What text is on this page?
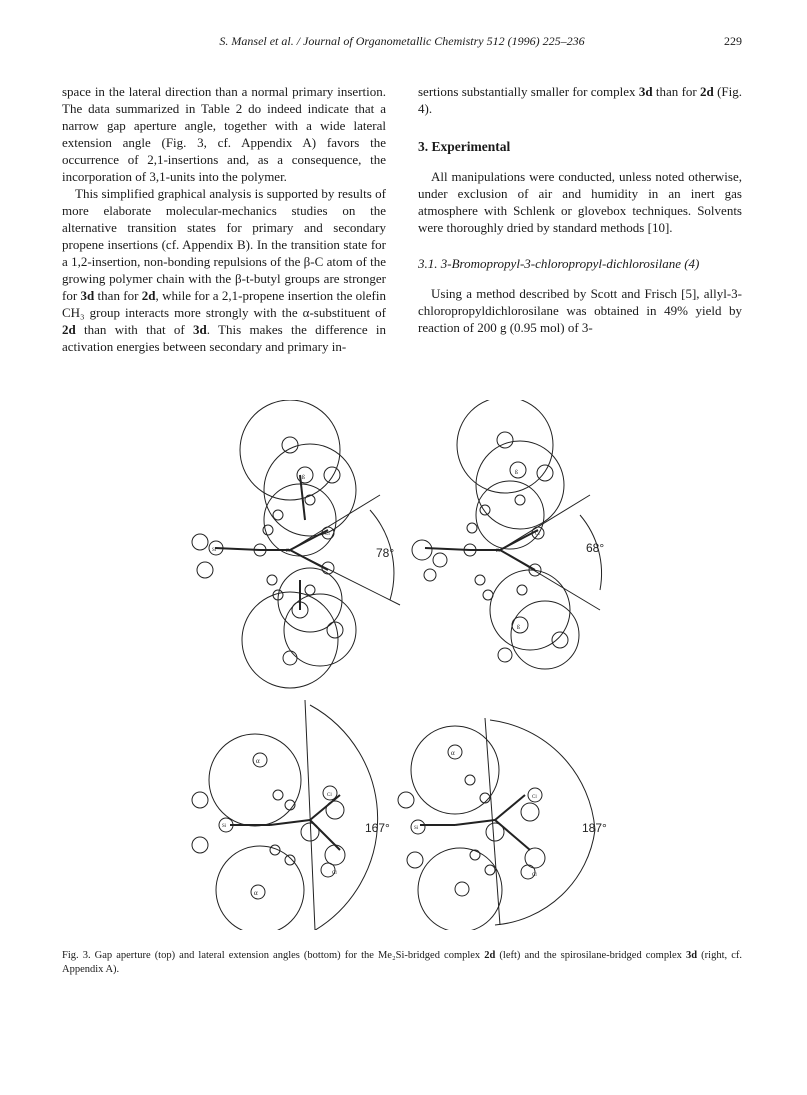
S. Mansel et al. / Journal of Organometallic Chemistry 512 (1996) 225–236	229

space in the lateral direction than a normal primary insertion. The data summarized in Table 2 do indeed indicate that a narrow gap aperture angle, together with a wide lateral extension angle (Fig. 3, cf. Appendix A) favors the occurrence of 2,1-insertions and, as a consequence, the incorporation of 3,1-units into the polymer.

This simplified graphical analysis is supported by results of more elaborate molecular-mechanics studies on the alternative transition states for primary and secondary propene insertions (cf. Appendix B). In the transition state for a 1,2-insertion, non-bonding repulsions of the β-C atom of the growing polymer chain with the β-t-butyl groups are stronger for 3d than for 2d, while for a 2,1-propene insertion the olefin CH₃ group interacts more strongly with the α-substituent of 2d than with that of 3d. This makes the difference in activation energies between secondary and primary in-

sertions substantially smaller for complex 3d than for 2d (Fig. 4).

3. Experimental

All manipulations were conducted, unless noted otherwise, under exclusion of air and humidity in an inert gas atmosphere with Schlenk or glovebox techniques. Solvents were thoroughly dried by standard methods [10].

3.1. 3-Bromopropyl-3-chloropropyl-dichlorosilane (4)

Using a method described by Scott and Frisch [5], allyl-3-chloropropyldichlorosilane was obtained in 49% yield by reaction of 200 g (0.95 mol) of 3-

ß
Si	Zr
Cl
78°
ß
ß
Zr
Cl
68°
α
α
Si
Cl
Cl
167°
α
Si
Cl
Cl
187°
Fig. 3. Gap aperture (top) and lateral extension angles (bottom) for the Me₂Si-bridged complex 2d (left) and the spirosilane-bridged complex 3d (right, cf. Appendix A).
